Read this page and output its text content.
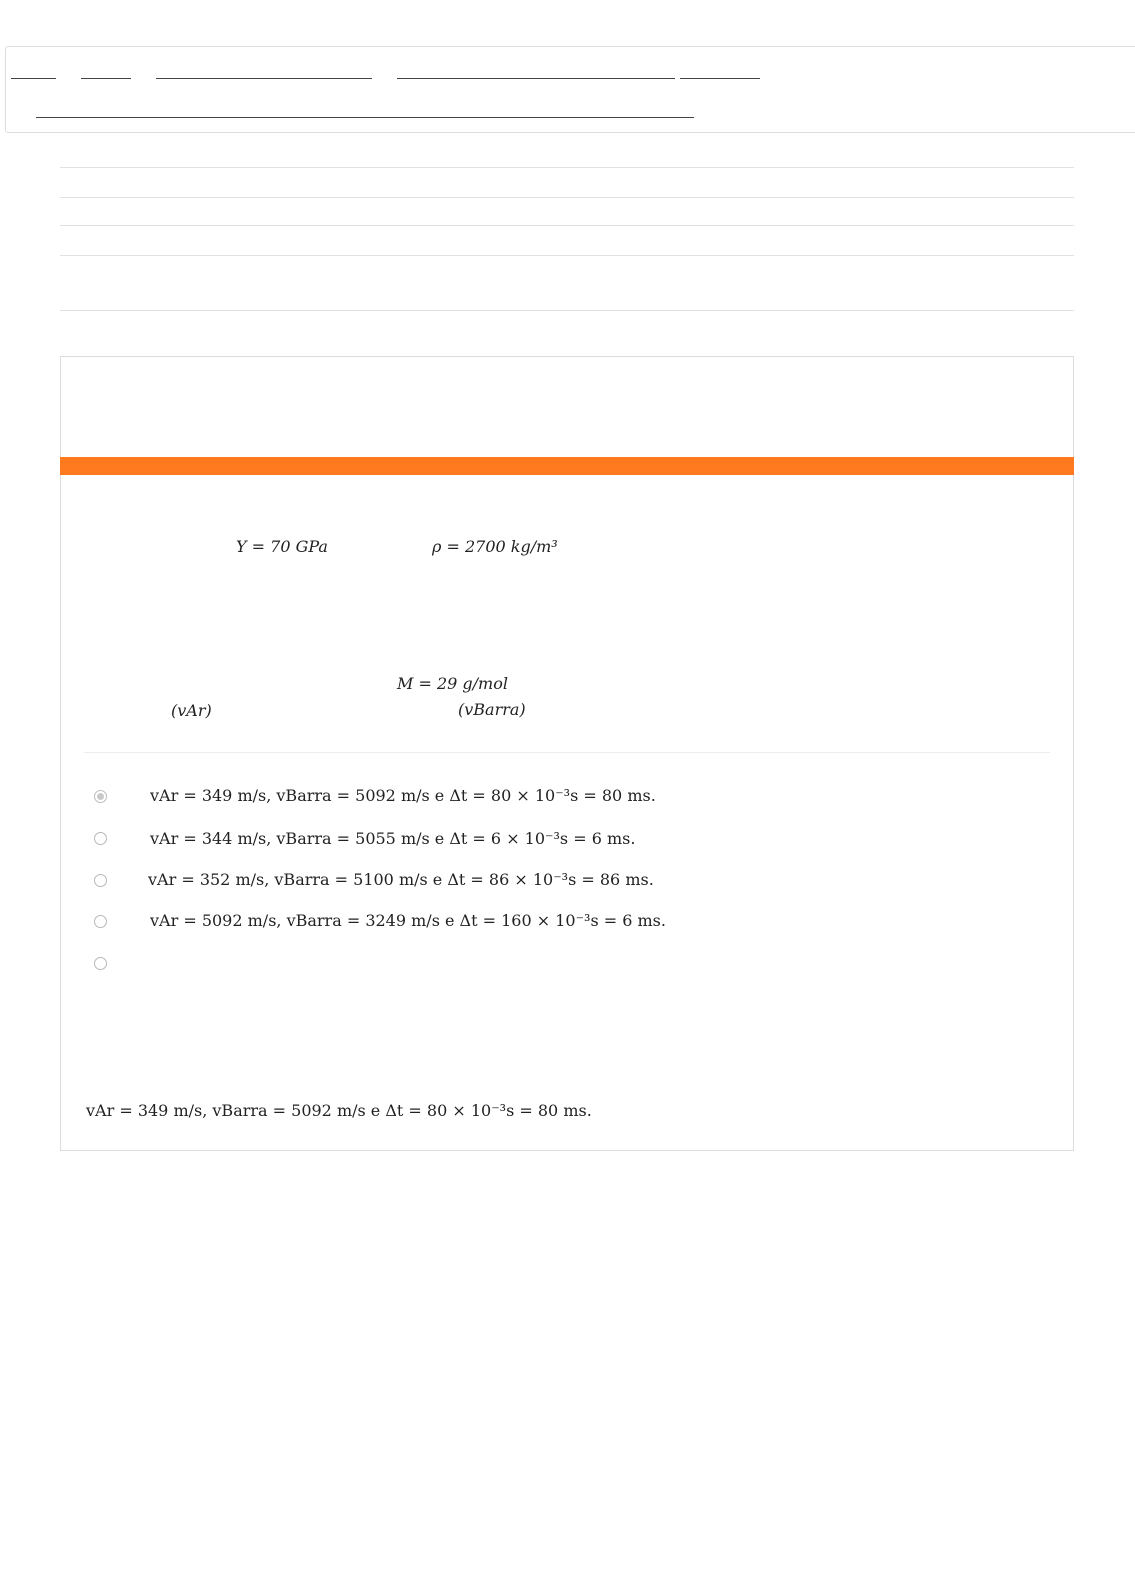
Y = 70 GPa	ρ = 2700 kg/m³
M = 29 g/mol
(vAr)	(vBarra)
vAr = 349 m/s, vBarra = 5092 m/s e Δt = 80 × 10⁻³s = 80 ms.
vAr = 344 m/s, vBarra = 5055 m/s e Δt = 6 × 10⁻³s = 6 ms.
vAr = 352 m/s, vBarra = 5100 m/s e Δt = 86 × 10⁻³s = 86 ms.
vAr = 5092 m/s, vBarra = 3249 m/s e Δt = 160 × 10⁻³s = 6 ms.
vAr = 349 m/s, vBarra = 5092 m/s e Δt = 80 × 10⁻³s = 80 ms.
